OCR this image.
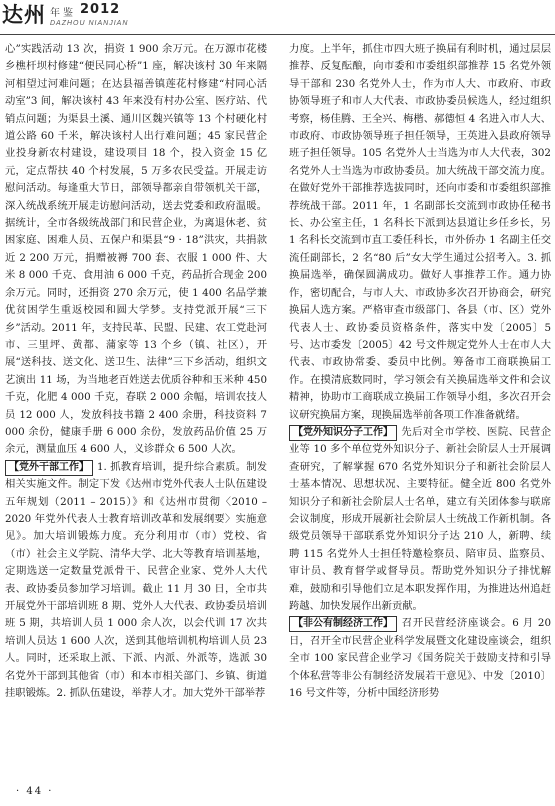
达州 年鉴 2012
DAZHOU NIANJIAN

心”实践活动 13 次，捐资 1 900 余万元。在万源市花楼乡樵杆坝村修建“便民同心桥”1 座，解决该村 30 年来隔河相望过河难问题；在达县福善镇莲花村修建“村同心活动室”3 间，解决该村 43 年来没有村办公室、医疗站、代销点问题；为渠县土溪、通川区魏兴镇等 13 个村硬化村道公路 60 千米，解决该村人出行难问题；45 家民营企业投身新农村建设，建设项目 18 个，投入资金 15 亿元，定点帮扶 40 个村发展，5 万多农民受益。开展走访慰问活动。每逢重大节日，部领导都亲自带领机关干部，深入统战系统开展走访慰问活动，送去党委和政府温暖。据统计，全市各级统战部门和民营企业，为离退休老、贫困家庭、困难人员、五保户和渠县“9 · 18”洪灾，共捐款近 2 200 万元，捐赠被褥 700 套、衣服 1 000 件、大米 8 000 千克、食用油 6 000 千克，药品折合现金 200 余万元。同时，还捐资 270 余万元，使 1 400 名品学兼优贫困学生重返校园和圆大学梦。支持党派开展“三下乡”活动。2011 年，支持民革、民盟、民建、农工党赴河市、三里坪、黄都、蒲家等 13 个乡（镇、社区），开展“送科技、送文化、送卫生、法律”三下乡活动，组织文艺演出 11 场，为当地老百姓送去优质谷种和玉米种 450 千克，化肥 4 000 千克，春联 2 000 余幅，培训农技人员 12 000 人，发放科技书籍 2 400 余册，科技资料 7 000 余份，健康手册 6 000 余份，发放药品价值 25 万余元，测量血压 4 600 人，义诊群众 6 500 人次。

【党外干部工作】 1. 抓教育培训，提升综合素质。制发相关实施文件。制定下发《达州市党外代表人士队伍建设五年规划（2011 – 2015）》和《达州市贯彻〈2010 – 2020 年党外代表人士教育培训改革和发展纲要〉实施意见》。加大培训锻炼力度。充分利用市（市）党校、省（市）社会主义学院、清华大学、北大等教育培训基地，定期选送一定数量党派骨干、民营企业家、党外人大代表、政协委员参加学习培训。截止 11 月 30 日，全市共开展党外干部培训班 8 期、党外人大代表、政协委员培训班 5 期，共培训人员 1 000 余人次，以会代训 17 次共培训人员达 1 600 人次，送到其他培训机构培训人员 23 人。同时，还采取上派、下派、内派、外派等，选派 30 名党外干部到其他省（市）和本市相关部门、乡镇、街道挂职锻炼。2. 抓队伍建设，举荐人才。加大党外干部举荐

力度。上半年，抓住市四大班子换届有利时机，通过层层推荐、反复酝酿，向市委和市委组织部推荐 15 名党外领导干部和 230 名党外人士，作为市人大、市政府、市政协领导班子和市人大代表、市政协委员候选人，经过组织考察，杨佳腾、王全兴、梅楷、郝德恒 4 名进入市人大、市政府、市政协领导班子担任领导，王英进入县政府领导班子担任领导。105 名党外人士当选为市人大代表，302 名党外人士当选为市政协委员。加大统战干部交流力度。在做好党外干部推荐选拔同时，还向市委和市委组织部推荐统战干部。2011 年，1 名副部长交流到市政协任秘书长、办公室主任，1 名科长下派到达县道让乡任乡长，另 1 名科长交流到市直工委任科长，市外侨办 1 名副主任交流任副部长，2 名“80 后”女大学生通过公招考入。3. 抓换届选举，确保圆满成功。做好人事推荐工作。通力协作，密切配合，与市人大、市政协多次召开协商会，研究换届人选方案。严格审查市级部门、各县（市、区）党外代表人士、政协委员资格条件，落实中发〔2005〕5 号、达市委发〔2005〕42 号文件规定党外人士在市人大代表、市政协常委、委员中比例。筹备市工商联换届工作。在摸清底数同时，学习领会有关换届选举文件和会议精神，协助市工商联成立换届工作领导小组，多次召开会议研究换届方案，现换届选举前各项工作准备就绪。

【党外知识分子工作】 先后对全市学校、医院、民营企业等 10 多个单位党外知识分子、新社会阶层人士开展调查研究，了解掌握 670 名党外知识分子和新社会阶层人士基本情况、思想状况、主要特征。健全近 800 名党外知识分子和新社会阶层人士名单，建立有关团体参与联席会议制度，形成开展新社会阶层人士统战工作新机制。各级党员领导干部联系党外知识分子达 210 人，新聘、续聘 115 名党外人士担任特邀检察员、陪审员、监察员、审计员、教育督学或督导员。帮助党外知识分子排忧解难，鼓励和引导他们立足本职发挥作用，为推进达州追赶跨越、加快发展作出新贡献。

【非公有制经济工作】 召开民营经济座谈会。6 月 20 日，召开全市民营企业科学发展暨文化建设座谈会，组织全市 100 家民营企业学习《国务院关于鼓励支持和引导个体私营等非公有制经济发展若干意见》、中发〔2010〕16 号文件等，分析中国经济形势

· 44 ·
